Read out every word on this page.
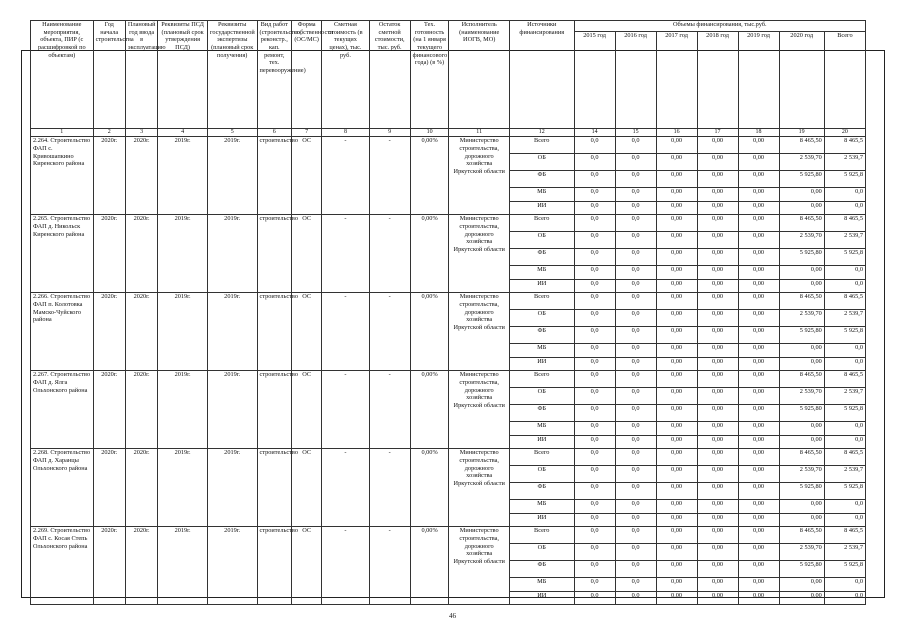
Наименование мероприятия, объекта, ПИР (с расшифровкой по объектам)	Год начала строительства	Плановый год ввода в эксплуатацию	Реквизиты ПСД (плановый срок утверждения ПСД)	Реквизиты государственной экспертизы (плановый срок получения)	Вид работ (строительство, реконстр., кап. ремонт, тех. перевооружение)	Форма собственности (ОС/МС)	Сметная стоимость (в текущих ценах), тыс. руб.	Остаток сметной стоимости, тыс. руб.	Тех. готовность (на 1 января текущего финансового года) (в %)	Исполнитель (наименование ИОГВ, МО)	Источники финансирования	Объемы финансирования, тыс.руб.						
												2015 год	2016 год	2017 год	2018 год	2019 год	2020 год	Всего
1	2	3	4	5	6	7	8	9	10	11	12	14	15	16	17	18	19	20
2.264. Строительство ФАП с. Кривошапкино Киренского района	2020г.	2020г.	2019г.	2019г.	строительство	ОС	-	-	0,00%	Министерство строительства, дорожного хозяйства Иркутской области	Всего	0,0	0,0	0,00	0,00	0,00	8 465,50	8 465,5
											ОБ	0,0	0,0	0,00	0,00	0,00	2 539,70	2 539,7
											ФБ	0,0	0,0	0,00	0,00	0,00	5 925,80	5 925,8
											МБ	0,0	0,0	0,00	0,00	0,00	0,00	0,0
											ИИ	0,0	0,0	0,00	0,00	0,00	0,00	0,0
2.265. Строительство ФАП д. Никольск Киренского района	2020г.	2020г.	2019г.	2019г.	строительство	ОС	-	-	0,00%	Министерство строительства, дорожного хозяйства Иркутской области	Всего	0,0	0,0	0,00	0,00	0,00	8 465,50	8 465,5
											ОБ	0,0	0,0	0,00	0,00	0,00	2 539,70	2 539,7
											ФБ	0,0	0,0	0,00	0,00	0,00	5 925,80	5 925,8
											МБ	0,0	0,0	0,00	0,00	0,00	0,00	0,0
											ИИ	0,0	0,0	0,00	0,00	0,00	0,00	0,0
2.266. Строительство ФАП п. Колотовка Мамско-Чуйского района	2020г.	2020г.	2019г.	2019г.	строительство	ОС	-	-	0,00%	Министерство строительства, дорожного хозяйства Иркутской области	Всего	0,0	0,0	0,00	0,00	0,00	8 465,50	8 465,5
											ОБ	0,0	0,0	0,00	0,00	0,00	2 539,70	2 539,7
											ФБ	0,0	0,0	0,00	0,00	0,00	5 925,80	5 925,8
											МБ	0,0	0,0	0,00	0,00	0,00	0,00	0,0
											ИИ	0,0	0,0	0,00	0,00	0,00	0,00	0,0
2.267. Строительство ФАП д. Ялга Ольхонского района	2020г.	2020г.	2019г.	2019г.	строительство	ОС	-	-	0,00%	Министерство строительства, дорожного хозяйства Иркутской области	Всего	0,0	0,0	0,00	0,00	0,00	8 465,50	8 465,5
											ОБ	0,0	0,0	0,00	0,00	0,00	2 539,70	2 539,7
											ФБ	0,0	0,0	0,00	0,00	0,00	5 925,80	5 925,8
											МБ	0,0	0,0	0,00	0,00	0,00	0,00	0,0
											ИИ	0,0	0,0	0,00	0,00	0,00	0,00	0,0
2.268. Строительство ФАП д. Харанцы Ольхонского района	2020г.	2020г.	2019г.	2019г.	строительство	ОС	-	-	0,00%	Министерство строительства, дорожного хозяйства Иркутской области	Всего	0,0	0,0	0,00	0,00	0,00	8 465,50	8 465,5
											ОБ	0,0	0,0	0,00	0,00	0,00	2 539,70	2 539,7
											ФБ	0,0	0,0	0,00	0,00	0,00	5 925,80	5 925,8
											МБ	0,0	0,0	0,00	0,00	0,00	0,00	0,0
											ИИ	0,0	0,0	0,00	0,00	0,00	0,00	0,0
2.269. Строительство ФАП с. Косая Степь Ольхонского района	2020г.	2020г.	2019г.	2019г.	строительство	ОС	-	-	0,00%	Министерство строительства, дорожного хозяйства Иркутской области	Всего	0,0	0,0	0,00	0,00	0,00	8 465,50	8 465,5
											ОБ	0,0	0,0	0,00	0,00	0,00	2 539,70	2 539,7
											ФБ	0,0	0,0	0,00	0,00	0,00	5 925,80	5 925,8
											МБ	0,0	0,0	0,00	0,00	0,00	0,00	0,0
											ИИ	0,0	0,0	0,00	0,00	0,00	0,00	0,0
46
